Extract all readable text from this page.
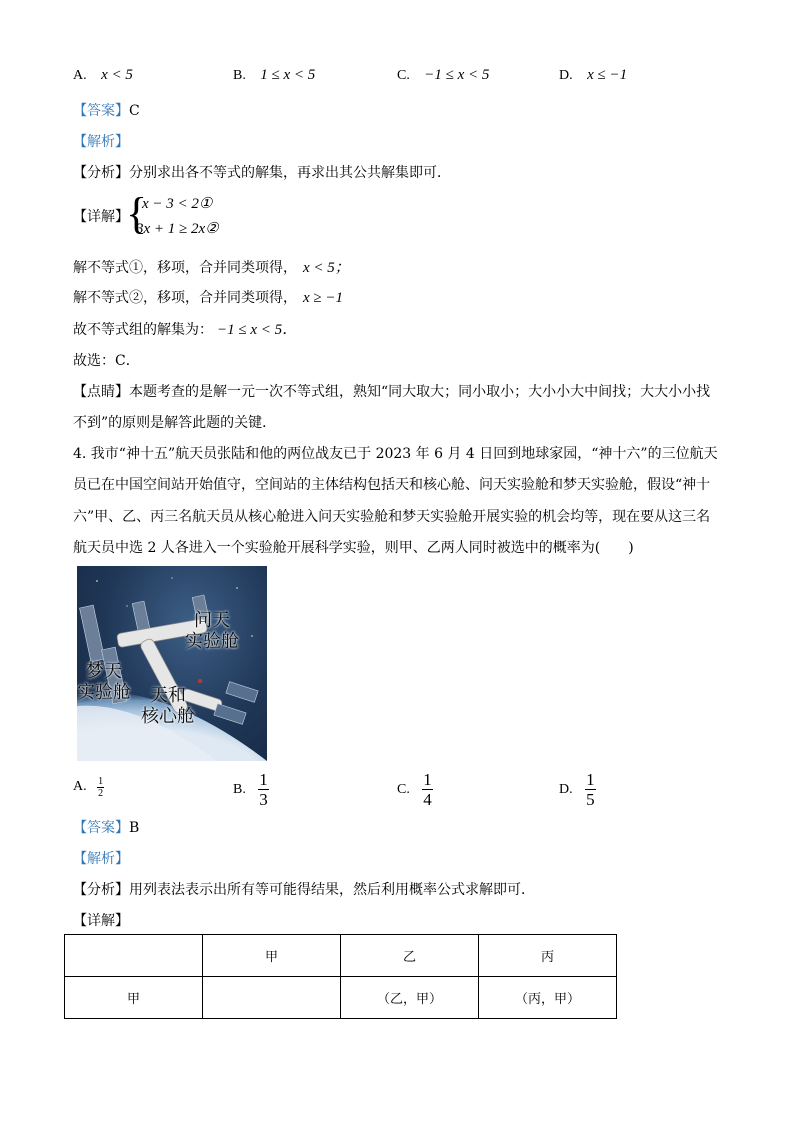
A. x < 5	B. 1 ≤ x < 5	C. −1 ≤ x < 5	D. x ≤ −1
【答案】C
【解析】
【分析】分别求出各不等式的解集，再求出其公共解集即可．
【详解】
{
x − 3 < 2①
3x + 1 ≥ 2x②
解不等式①，移项，合并同类项得， x < 5；
解不等式②，移项，合并同类项得， x ≥ −1
故不等式组的解集为： −1 ≤ x < 5．
故选：C．
【点睛】本题考查的是解一元一次不等式组，熟知“同大取大；同小取小；大小小大中间找；大大小小找
不到”的原则是解答此题的关键．
4. 我市“神十五”航天员张陆和他的两位战友已于 2023 年 6 月 4 日回到地球家园，“神十六”的三位航天
员已在中国空间站开始值守，空间站的主体结构包括天和核心舱、问天实验舱和梦天实验舱，假设“神十
六”甲、乙、丙三名航天员从核心舱进入问天实验舱和梦天实验舱开展实验的机会均等，现在要从这三名
航天员中选 2 人各进入一个实验舱开展科学实验，则甲、乙两人同时被选中的概率为(　　)
问天
实验舱
梦天
实验舱	天和
核心舱
A. $\frac{1}{2}$	B. $\frac{1}{3}$	C. $\frac{1}{4}$	D. $\frac{1}{5}$
【答案】B
【解析】
【分析】用列表法表示出所有等可能得结果，然后利用概率公式求解即可．
【详解】
	甲	乙	丙
甲		（乙，甲）	（丙，甲）
